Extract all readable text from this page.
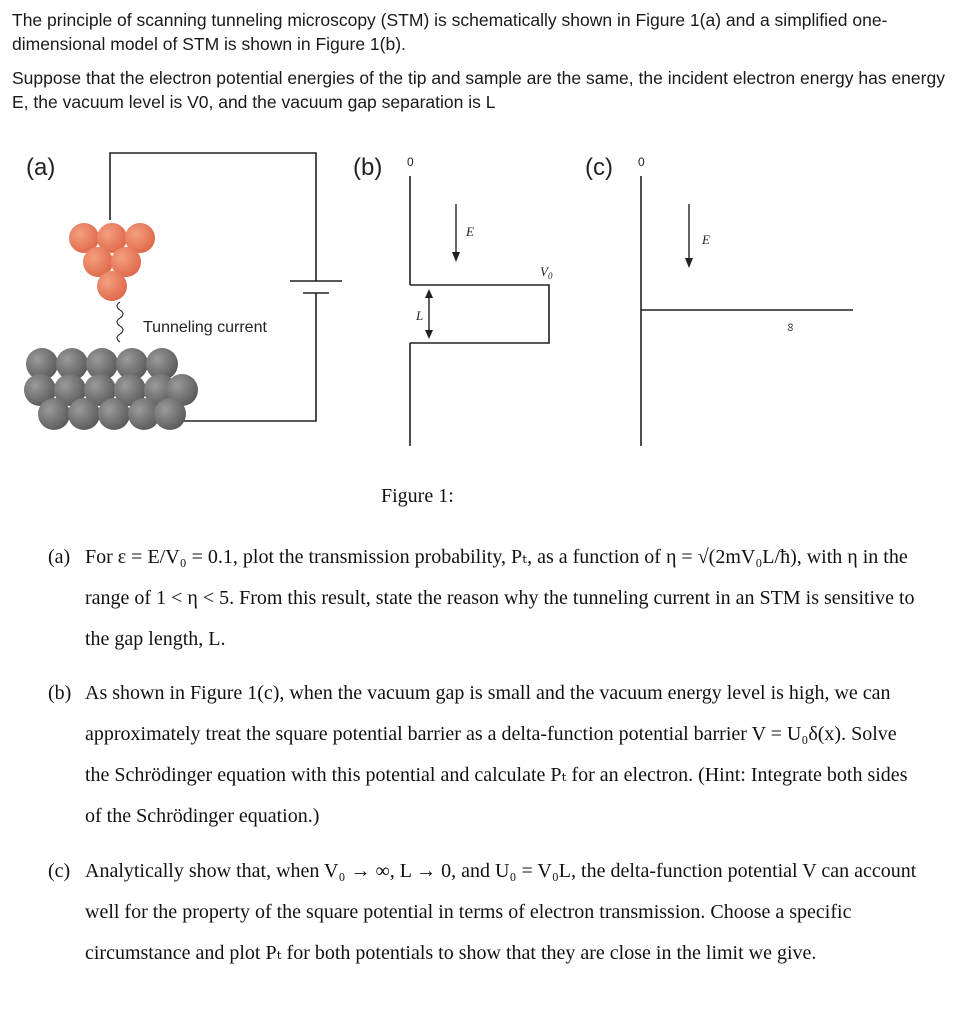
The principle of scanning tunneling microscopy (STM) is schematically shown in Figure 1(a) and a simplified one-dimensional model of STM is shown in Figure 1(b).

Suppose that the electron potential energies of the tip and sample are the same, the incident electron energy has energy E, the vacuum level is V0, and the vacuum gap separation is L

(a)
Tunneling current
(b) 0
E
$V_0$
L
(c) 0
E
∞
Figure 1:
(a) For ε = E/V₀ = 0.1, plot the transmission probability, Pₜ, as a function of η = √(2mV₀L/ħ), with η in the range of 1 < η < 5. From this result, state the reason why the tunneling current in an STM is sensitive to the gap length, L.
(b) As shown in Figure 1(c), when the vacuum gap is small and the vacuum energy level is high, we can approximately treat the square potential barrier as a delta-function potential barrier V = U₀δ(x). Solve the Schrödinger equation with this potential and calculate Pₜ for an electron. (Hint: Integrate both sides of the Schrödinger equation.)
(c) Analytically show that, when V₀ → ∞, L → 0, and U₀ = V₀L, the delta-function potential V can account well for the property of the square potential in terms of electron transmission. Choose a specific circumstance and plot Pₜ for both potentials to show that they are close in the limit we give.
